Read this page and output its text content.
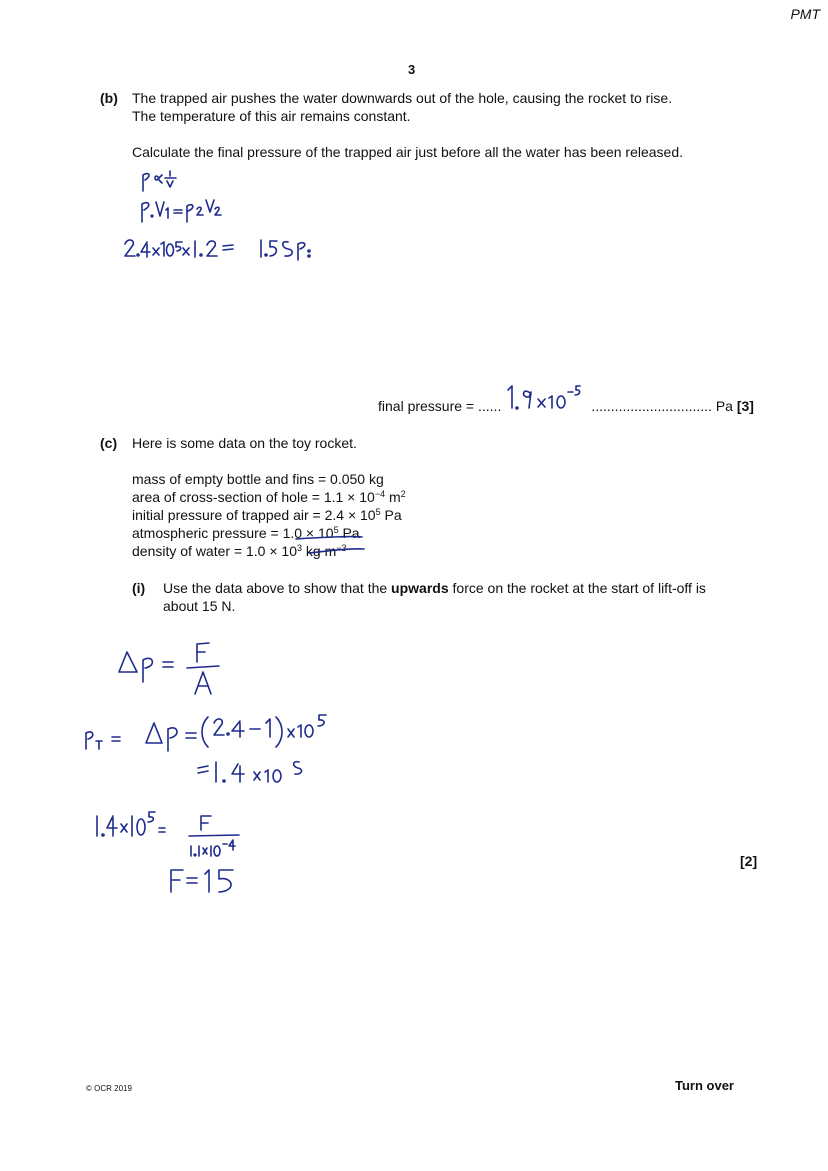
PMT
3
(b) The trapped air pushes the water downwards out of the hole, causing the rocket to rise.
The temperature of this air remains constant.
Calculate the final pressure of the trapped air just before all the water has been released.
final pressure = ......	............................... Pa [3]
(c) Here is some data on the toy rocket.
mass of empty bottle and fins = 0.050 kg
area of cross-section of hole = $1.1 \times 10^{-4}$ $m^2$
initial pressure of trapped air = $2.4 \times 10^5$ Pa
atmospheric pressure = $1.0 \times 10^5$ Pa
density of water = $1.0 \times 10^3$ kg $m^{-3}$
(i) Use the data above to show that the upwards force on the rocket at the start of lift-off is
about 15 N.
[2]
© OCR 2019	Turn over
